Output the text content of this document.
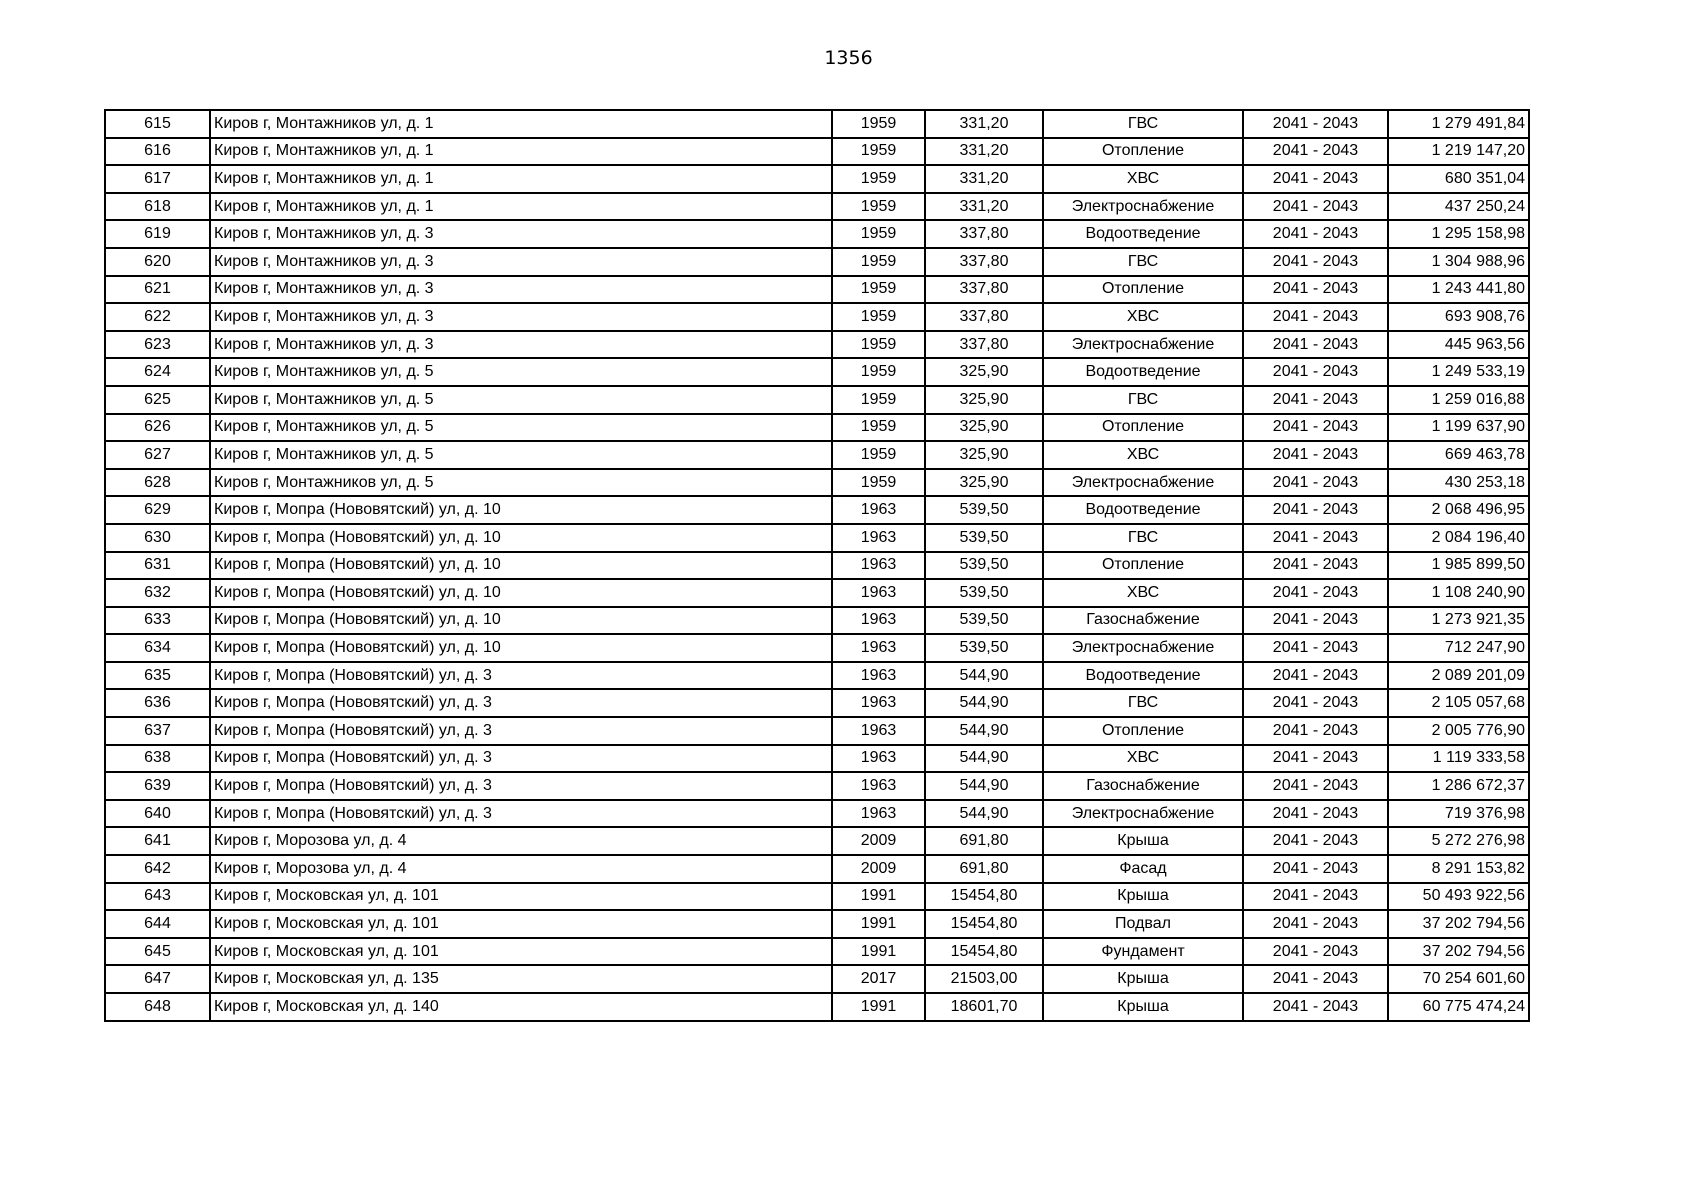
1356
615	Киров г, Монтажников ул, д. 1	1959	331,20	ГВС	2041 - 2043	1 279 491,84
616	Киров г, Монтажников ул, д. 1	1959	331,20	Отопление	2041 - 2043	1 219 147,20
617	Киров г, Монтажников ул, д. 1	1959	331,20	ХВС	2041 - 2043	680 351,04
618	Киров г, Монтажников ул, д. 1	1959	331,20	Электроснабжение	2041 - 2043	437 250,24
619	Киров г, Монтажников ул, д. 3	1959	337,80	Водоотведение	2041 - 2043	1 295 158,98
620	Киров г, Монтажников ул, д. 3	1959	337,80	ГВС	2041 - 2043	1 304 988,96
621	Киров г, Монтажников ул, д. 3	1959	337,80	Отопление	2041 - 2043	1 243 441,80
622	Киров г, Монтажников ул, д. 3	1959	337,80	ХВС	2041 - 2043	693 908,76
623	Киров г, Монтажников ул, д. 3	1959	337,80	Электроснабжение	2041 - 2043	445 963,56
624	Киров г, Монтажников ул, д. 5	1959	325,90	Водоотведение	2041 - 2043	1 249 533,19
625	Киров г, Монтажников ул, д. 5	1959	325,90	ГВС	2041 - 2043	1 259 016,88
626	Киров г, Монтажников ул, д. 5	1959	325,90	Отопление	2041 - 2043	1 199 637,90
627	Киров г, Монтажников ул, д. 5	1959	325,90	ХВС	2041 - 2043	669 463,78
628	Киров г, Монтажников ул, д. 5	1959	325,90	Электроснабжение	2041 - 2043	430 253,18
629	Киров г, Мопра (Нововятский) ул, д. 10	1963	539,50	Водоотведение	2041 - 2043	2 068 496,95
630	Киров г, Мопра (Нововятский) ул, д. 10	1963	539,50	ГВС	2041 - 2043	2 084 196,40
631	Киров г, Мопра (Нововятский) ул, д. 10	1963	539,50	Отопление	2041 - 2043	1 985 899,50
632	Киров г, Мопра (Нововятский) ул, д. 10	1963	539,50	ХВС	2041 - 2043	1 108 240,90
633	Киров г, Мопра (Нововятский) ул, д. 10	1963	539,50	Газоснабжение	2041 - 2043	1 273 921,35
634	Киров г, Мопра (Нововятский) ул, д. 10	1963	539,50	Электроснабжение	2041 - 2043	712 247,90
635	Киров г, Мопра (Нововятский) ул, д. 3	1963	544,90	Водоотведение	2041 - 2043	2 089 201,09
636	Киров г, Мопра (Нововятский) ул, д. 3	1963	544,90	ГВС	2041 - 2043	2 105 057,68
637	Киров г, Мопра (Нововятский) ул, д. 3	1963	544,90	Отопление	2041 - 2043	2 005 776,90
638	Киров г, Мопра (Нововятский) ул, д. 3	1963	544,90	ХВС	2041 - 2043	1 119 333,58
639	Киров г, Мопра (Нововятский) ул, д. 3	1963	544,90	Газоснабжение	2041 - 2043	1 286 672,37
640	Киров г, Мопра (Нововятский) ул, д. 3	1963	544,90	Электроснабжение	2041 - 2043	719 376,98
641	Киров г, Морозова ул, д. 4	2009	691,80	Крыша	2041 - 2043	5 272 276,98
642	Киров г, Морозова ул, д. 4	2009	691,80	Фасад	2041 - 2043	8 291 153,82
643	Киров г, Московская ул, д. 101	1991	15454,80	Крыша	2041 - 2043	50 493 922,56
644	Киров г, Московская ул, д. 101	1991	15454,80	Подвал	2041 - 2043	37 202 794,56
645	Киров г, Московская ул, д. 101	1991	15454,80	Фундамент	2041 - 2043	37 202 794,56
647	Киров г, Московская ул, д. 135	2017	21503,00	Крыша	2041 - 2043	70 254 601,60
648	Киров г, Московская ул, д. 140	1991	18601,70	Крыша	2041 - 2043	60 775 474,24
